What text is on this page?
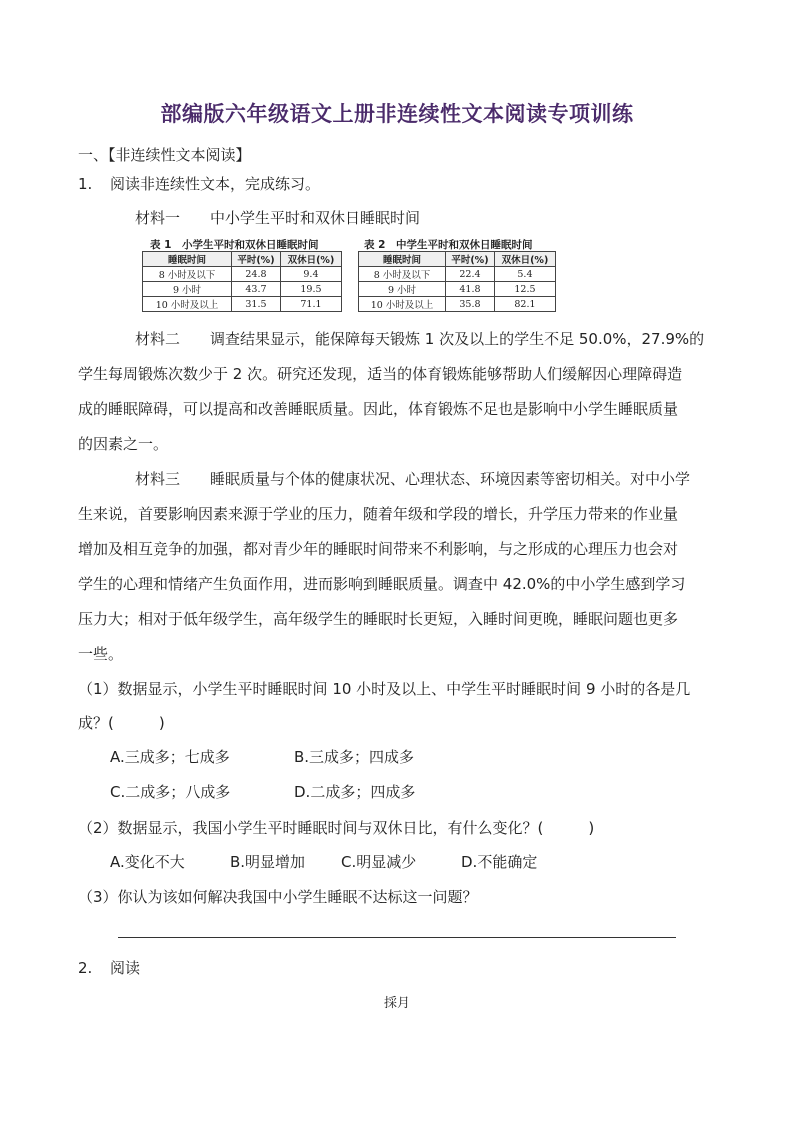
部编版六年级语文上册非连续性文本阅读专项训练
一、【非连续性文本阅读】
1. 阅读非连续性文本，完成练习。
材料一　　中小学生平时和双休日睡眠时间
表 1　小学生平时和双休日睡眠时间
睡眠时间	平时(%)	双休日(%)
8 小时及以下	24.8	9.4
9 小时	43.7	19.5
10 小时及以上	31.5	71.1
表 2　中学生平时和双休日睡眠时间
睡眠时间	平时(%)	双休日(%)
8 小时及以下	22.4	5.4
9 小时	41.8	12.5
10 小时及以上	35.8	82.1
材料二　　调查结果显示，能保障每天锻炼 1 次及以上的学生不足 50.0%，27.9%的
学生每周锻炼次数少于 2 次。研究还发现，适当的体育锻炼能够帮助人们缓解因心理障碍造
成的睡眠障碍，可以提高和改善睡眠质量。因此，体育锻炼不足也是影响中小学生睡眠质量
的因素之一。
材料三　　睡眠质量与个体的健康状况、心理状态、环境因素等密切相关。对中小学
生来说，首要影响因素来源于学业的压力，随着年级和学段的增长，升学压力带来的作业量
增加及相互竞争的加强，都对青少年的睡眠时间带来不利影响，与之形成的心理压力也会对
学生的心理和情绪产生负面作用，进而影响到睡眠质量。调查中 42.0%的中小学生感到学习
压力大；相对于低年级学生，高年级学生的睡眠时长更短，入睡时间更晚，睡眠问题也更多
一些。
（1）数据显示，小学生平时睡眠时间 10 小时及以上、中学生平时睡眠时间 9 小时的各是几
成？(　　　)
A.三成多；七成多	B.三成多；四成多
C.二成多；八成多	D.二成多；四成多
（2）数据显示，我国小学生平时睡眠时间与双休日比，有什么变化？(　　　)
A.变化不大	B.明显增加 C.明显减少	D.不能确定
（3）你认为该如何解决我国中小学生睡眠不达标这一问题？
2. 阅读
採月
